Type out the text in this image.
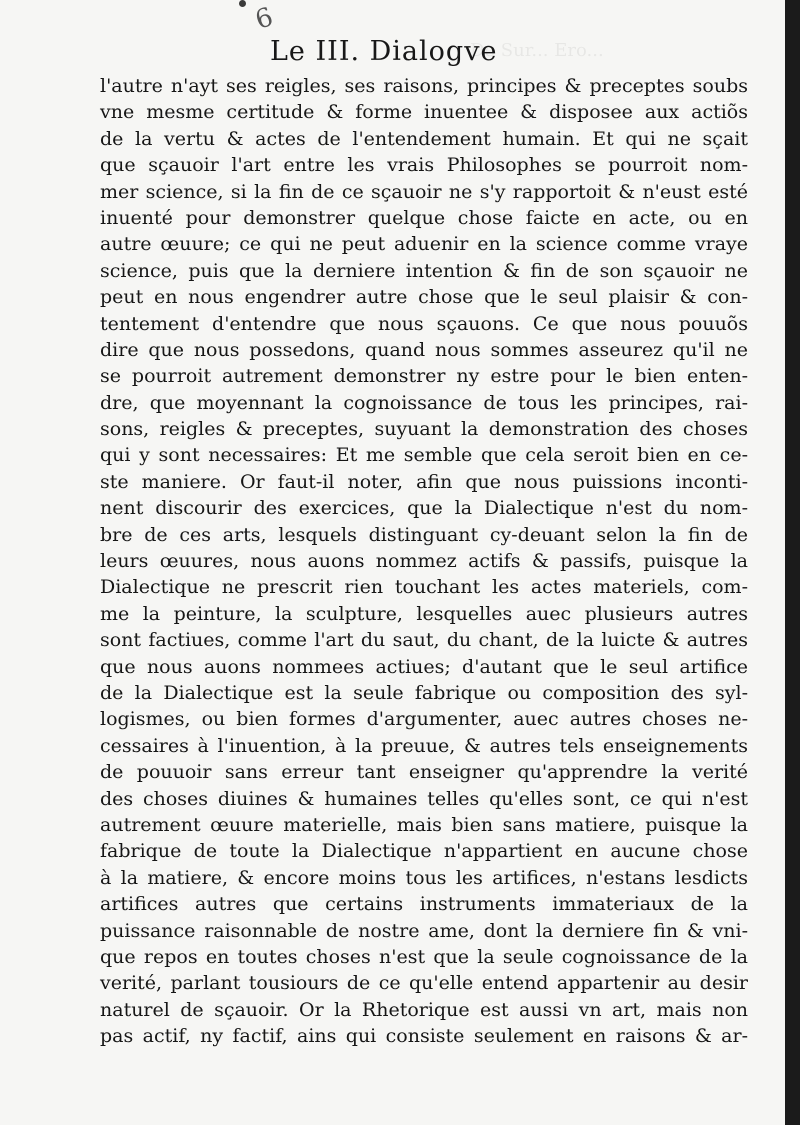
6
De Sur... Ero...
Le III. Dialogve
l'autre n'ayt ses reigles, ses raisons, principes & preceptes soubs
vne mesme certitude & forme inuentee & disposee aux actiõs
de la vertu & actes de l'entendement humain. Et qui ne sçait
que sçauoir l'art entre les vrais Philosophes se pourroit nom-
mer science, si la fin de ce sçauoir ne s'y rapportoit & n'eust esté
inuenté pour demonstrer quelque chose faicte en acte, ou en
autre œuure; ce qui ne peut aduenir en la science comme vraye
science, puis que la derniere intention & fin de son sçauoir ne
peut en nous engendrer autre chose que le seul plaisir & con-
tentement d'entendre que nous sçauons. Ce que nous pouuõs
dire que nous possedons, quand nous sommes asseurez qu'il ne
se pourroit autrement demonstrer ny estre pour le bien enten-
dre, que moyennant la cognoissance de tous les principes, rai-
sons, reigles & preceptes, suyuant la demonstration des choses
qui y sont necessaires: Et me semble que cela seroit bien en ce-
ste maniere. Or faut-il noter, afin que nous puissions inconti-
nent discourir des exercices, que la Dialectique n'est du nom-
bre de ces arts, lesquels distinguant cy-deuant selon la fin de
leurs œuures, nous auons nommez actifs & passifs, puisque la
Dialectique ne prescrit rien touchant les actes materiels, com-
me la peinture, la sculpture, lesquelles auec plusieurs autres
sont factiues, comme l'art du saut, du chant, de la luicte & autres
que nous auons nommees actiues; d'autant que le seul artifice
de la Dialectique est la seule fabrique ou composition des syl-
logismes, ou bien formes d'argumenter, auec autres choses ne-
cessaires à l'inuention, à la preuue, & autres tels enseignements
de pouuoir sans erreur tant enseigner qu'apprendre la verité
des choses diuines & humaines telles qu'elles sont, ce qui n'est
autrement œuure materielle, mais bien sans matiere, puisque la
fabrique de toute la Dialectique n'appartient en aucune chose
à la matiere, & encore moins tous les artifices, n'estans lesdicts
artifices autres que certains instruments immateriaux de la
puissance raisonnable de nostre ame, dont la derniere fin & vni-
que repos en toutes choses n'est que la seule cognoissance de la
verité, parlant tousiours de ce qu'elle entend appartenir au desir
naturel de sçauoir. Or la Rhetorique est aussi vn art, mais non
pas actif, ny factif, ains qui consiste seulement en raisons & ar-
